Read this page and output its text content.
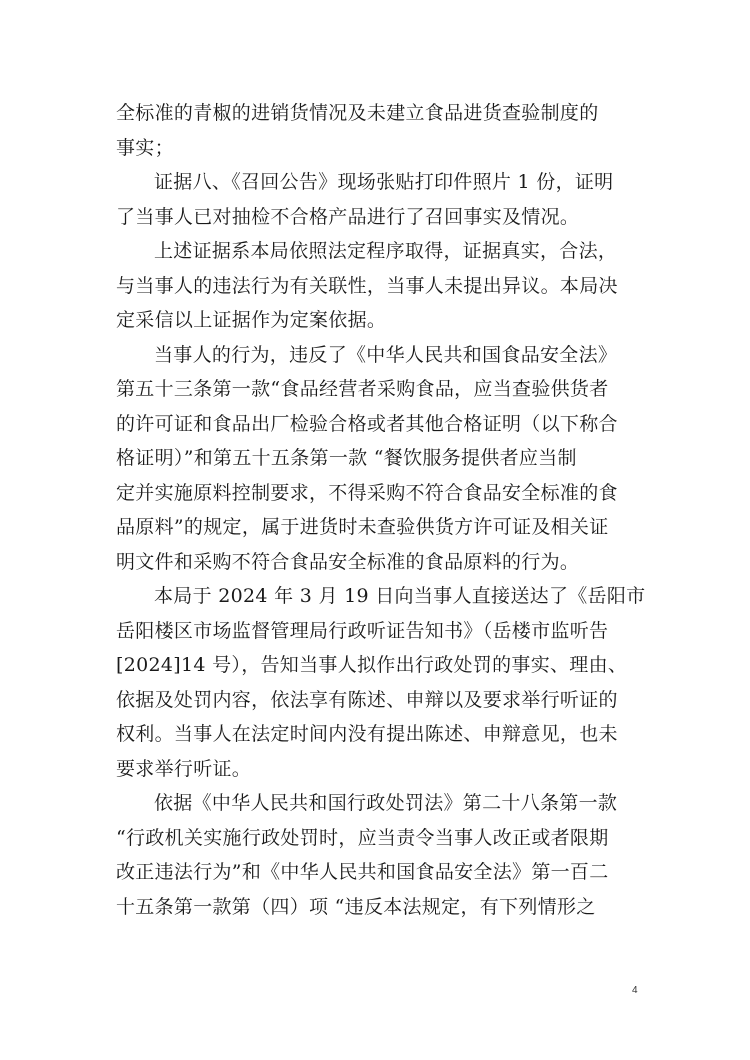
全标准的青椒的进销货情况及未建立食品进货查验制度的
事实；
证据八、《召回公告》现场张贴打印件照片 1 份，证明
了当事人已对抽检不合格产品进行了召回事实及情况。
上述证据系本局依照法定程序取得，证据真实，合法，
与当事人的违法行为有关联性，当事人未提出异议。本局决
定采信以上证据作为定案依据。
当事人的行为，违反了《中华人民共和国食品安全法》
第五十三条第一款“食品经营者采购食品，应当查验供货者
的许可证和食品出厂检验合格或者其他合格证明（以下称合
格证明）”和第五十五条第一款 “餐饮服务提供者应当制
定并实施原料控制要求，不得采购不符合食品安全标准的食
品原料”的规定，属于进货时未查验供货方许可证及相关证
明文件和采购不符合食品安全标准的食品原料的行为。
本局于 2024 年 3 月 19 日向当事人直接送达了《岳阳市
岳阳楼区市场监督管理局行政听证告知书》（岳楼市监听告
[2024]14 号），告知当事人拟作出行政处罚的事实、理由、
依据及处罚内容，依法享有陈述、申辩以及要求举行听证的
权利。当事人在法定时间内没有提出陈述、申辩意见，也未
要求举行听证。
依据《中华人民共和国行政处罚法》第二十八条第一款
“行政机关实施行政处罚时，应当责令当事人改正或者限期
改正违法行为”和《中华人民共和国食品安全法》第一百二
十五条第一款第（四）项 “违反本法规定，有下列情形之
4
